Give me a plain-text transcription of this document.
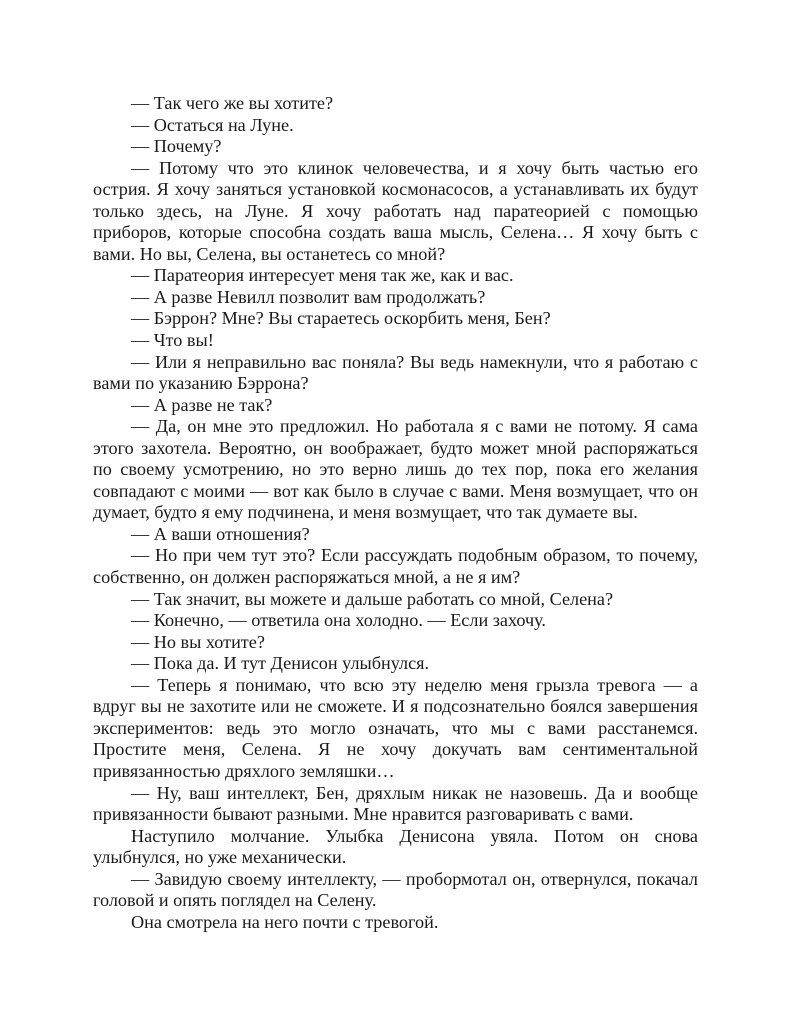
— Так чего же вы хотите?

— Остаться на Луне.

— Почему?

— Потому что это клинок человечества, и я хочу быть частью его острия. Я хочу заняться установкой космонасосов, а устанавливать их будут только здесь, на Луне. Я хочу работать над паратеорией с помощью приборов, которые способна создать ваша мысль, Селена… Я хочу быть с вами. Но вы, Селена, вы останетесь со мной?

— Паратеория интересует меня так же, как и вас.

— А разве Невилл позволит вам продолжать?

— Бэррон? Мне? Вы стараетесь оскорбить меня, Бен?

— Что вы!

— Или я неправильно вас поняла? Вы ведь намекнули, что я работаю с вами по указанию Бэррона?

— А разве не так?

— Да, он мне это предложил. Но работала я с вами не потому. Я сама этого захотела. Вероятно, он воображает, будто может мной распоряжаться по своему усмотрению, но это верно лишь до тех пор, пока его желания совпадают с моими — вот как было в случае с вами. Меня возмущает, что он думает, будто я ему подчинена, и меня возмущает, что так думаете вы.

— А ваши отношения?

— Но при чем тут это? Если рассуждать подобным образом, то почему, собственно, он должен распоряжаться мной, а не я им?

— Так значит, вы можете и дальше работать со мной, Селена?

— Конечно, — ответила она холодно. — Если захочу.

— Но вы хотите?

— Пока да. И тут Денисон улыбнулся.

— Теперь я понимаю, что всю эту неделю меня грызла тревога — а вдруг вы не захотите или не сможете. И я подсознательно боялся завершения экспериментов: ведь это могло означать, что мы с вами расстанемся. Простите меня, Селена. Я не хочу докучать вам сентиментальной привязанностью дряхлого земляшки…

— Ну, ваш интеллект, Бен, дряхлым никак не назовешь. Да и вообще привязанности бывают разными. Мне нравится разговаривать с вами.

Наступило молчание. Улыбка Денисона увяла. Потом он снова улыбнулся, но уже механически.

— Завидую своему интеллекту, — пробормотал он, отвернулся, покачал головой и опять поглядел на Селену.

Она смотрела на него почти с тревогой.
